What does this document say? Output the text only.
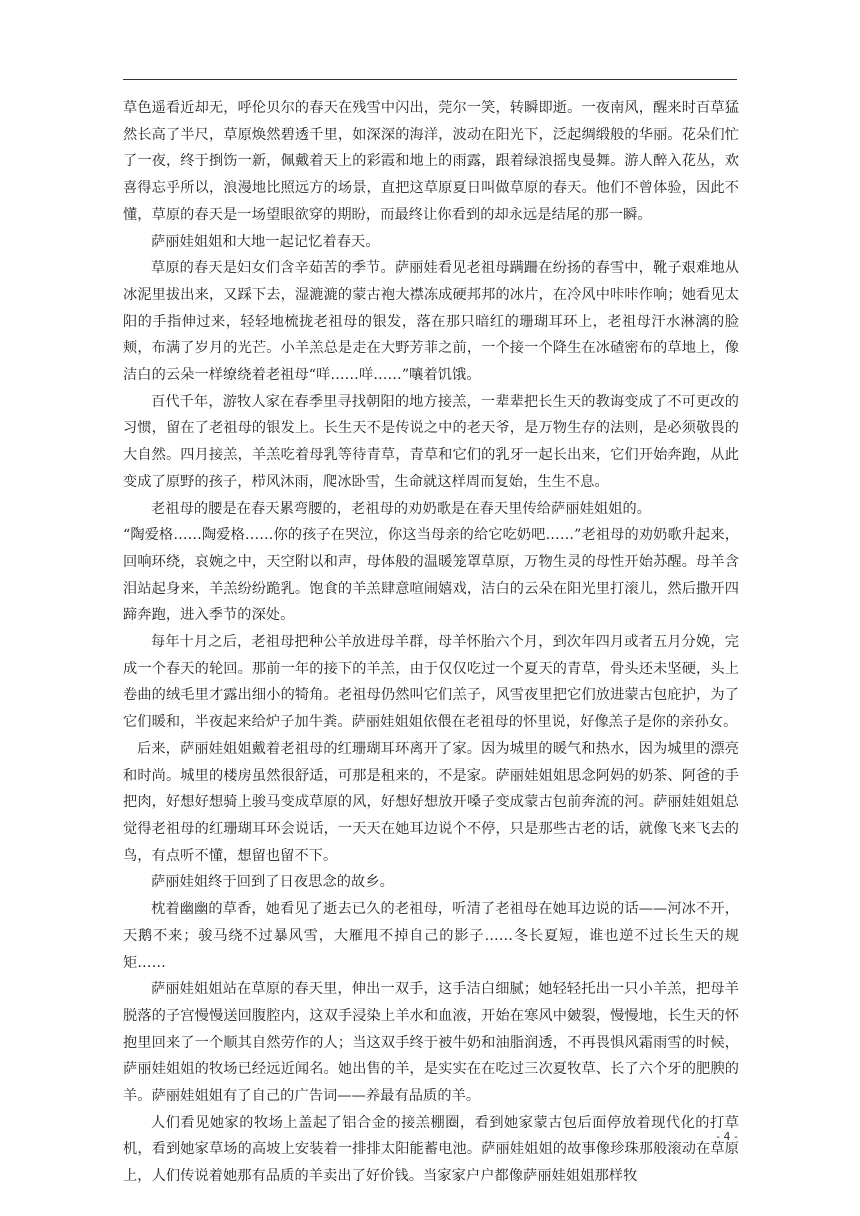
草色遥看近却无，呼伦贝尔的春天在残雪中闪出，莞尔一笑，转瞬即逝。一夜南风，醒来时百草猛然长高了半尺，草原焕然碧透千里，如深深的海洋，波动在阳光下，泛起绸缎般的华丽。花朵们忙了一夜，终于捯饬一新，佩戴着天上的彩霞和地上的雨露，跟着绿浪摇曳曼舞。游人醉入花丛，欢喜得忘乎所以，浪漫地比照远方的场景，直把这草原夏日叫做草原的春天。他们不曾体验，因此不懂，草原的春天是一场望眼欲穿的期盼，而最终让你看到的却永远是结尾的那一瞬。

萨丽娃姐姐和大地一起记忆着春天。

草原的春天是妇女们含辛茹苦的季节。萨丽娃看见老祖母蹒跚在纷扬的春雪中，靴子艰难地从冰泥里拔出来，又踩下去，湿漉漉的蒙古袍大襟冻成硬邦邦的冰片，在冷风中咔咔作响；她看见太阳的手指伸过来，轻轻地梳拢老祖母的银发，落在那只暗红的珊瑚耳环上，老祖母汗水淋漓的脸颊，布满了岁月的光芒。小羊羔总是走在大野芳菲之前，一个接一个降生在冰碴密布的草地上，像洁白的云朵一样缭绕着老祖母“咩……咩……”嚷着饥饿。

百代千年，游牧人家在春季里寻找朝阳的地方接羔，一辈辈把长生天的教诲变成了不可更改的习惯，留在了老祖母的银发上。长生天不是传说之中的老天爷，是万物生存的法则，是必须敬畏的大自然。四月接羔，羊羔吃着母乳等待青草，青草和它们的乳牙一起长出来，它们开始奔跑，从此变成了原野的孩子，栉风沐雨，爬冰卧雪，生命就这样周而复始，生生不息。

老祖母的腰是在春天累弯腰的，老祖母的劝奶歌是在春天里传给萨丽娃姐姐的。

“陶爱格……陶爱格……你的孩子在哭泣，你这当母亲的给它吃奶吧……”老祖母的劝奶歌升起来，回响环绕，哀婉之中，天空附以和声，母体般的温暖笼罩草原，万物生灵的母性开始苏醒。母羊含泪站起身来，羊羔纷纷跪乳。饱食的羊羔肆意喧闹嬉戏，洁白的云朵在阳光里打滚儿，然后撒开四蹄奔跑，进入季节的深处。

每年十月之后，老祖母把种公羊放进母羊群，母羊怀胎六个月，到次年四月或者五月分娩，完成一个春天的轮回。那前一年的接下的羊羔，由于仅仅吃过一个夏天的青草，骨头还未坚硬，头上卷曲的绒毛里才露出细小的犄角。老祖母仍然叫它们羔子，风雪夜里把它们放进蒙古包庇护，为了它们暖和，半夜起来给炉子加牛粪。萨丽娃姐姐依偎在老祖母的怀里说，好像羔子是你的亲孙女。

后来，萨丽娃姐姐戴着老祖母的红珊瑚耳环离开了家。因为城里的暖气和热水，因为城里的漂亮和时尚。城里的楼房虽然很舒适，可那是租来的，不是家。萨丽娃姐姐思念阿妈的奶茶、阿爸的手把肉，好想好想骑上骏马变成草原的风，好想好想放开嗓子变成蒙古包前奔流的河。萨丽娃姐姐总觉得老祖母的红珊瑚耳环会说话，一天天在她耳边说个不停，只是那些古老的话，就像飞来飞去的鸟，有点听不懂，想留也留不下。

萨丽娃姐终于回到了日夜思念的故乡。

枕着幽幽的草香，她看见了逝去已久的老祖母，听清了老祖母在她耳边说的话——河冰不开，天鹅不来；骏马绕不过暴风雪，大雁甩不掉自己的影子……冬长夏短，谁也逆不过长生天的规矩……

萨丽娃姐姐站在草原的春天里，伸出一双手，这手洁白细腻；她轻轻托出一只小羊羔，把母羊脱落的子宫慢慢送回腹腔内，这双手浸染上羊水和血液，开始在寒风中皴裂，慢慢地，长生天的怀抱里回来了一个顺其自然劳作的人；当这双手终于被牛奶和油脂润透，不再畏惧风霜雨雪的时候，萨丽娃姐姐的牧场已经远近闻名。她出售的羊，是实实在在吃过三次夏牧草、长了六个牙的肥腴的羊。萨丽娃姐姐有了自己的广告词——养最有品质的羊。

人们看见她家的牧场上盖起了铝合金的接羔棚圈，看到她家蒙古包后面停放着现代化的打草机，看到她家草场的高坡上安装着一排排太阳能蓄电池。萨丽娃姐姐的故事像珍珠那般滚动在草原上，人们传说着她那有品质的羊卖出了好价钱。当家家户户都像萨丽娃姐姐那样牧

- 4 -
